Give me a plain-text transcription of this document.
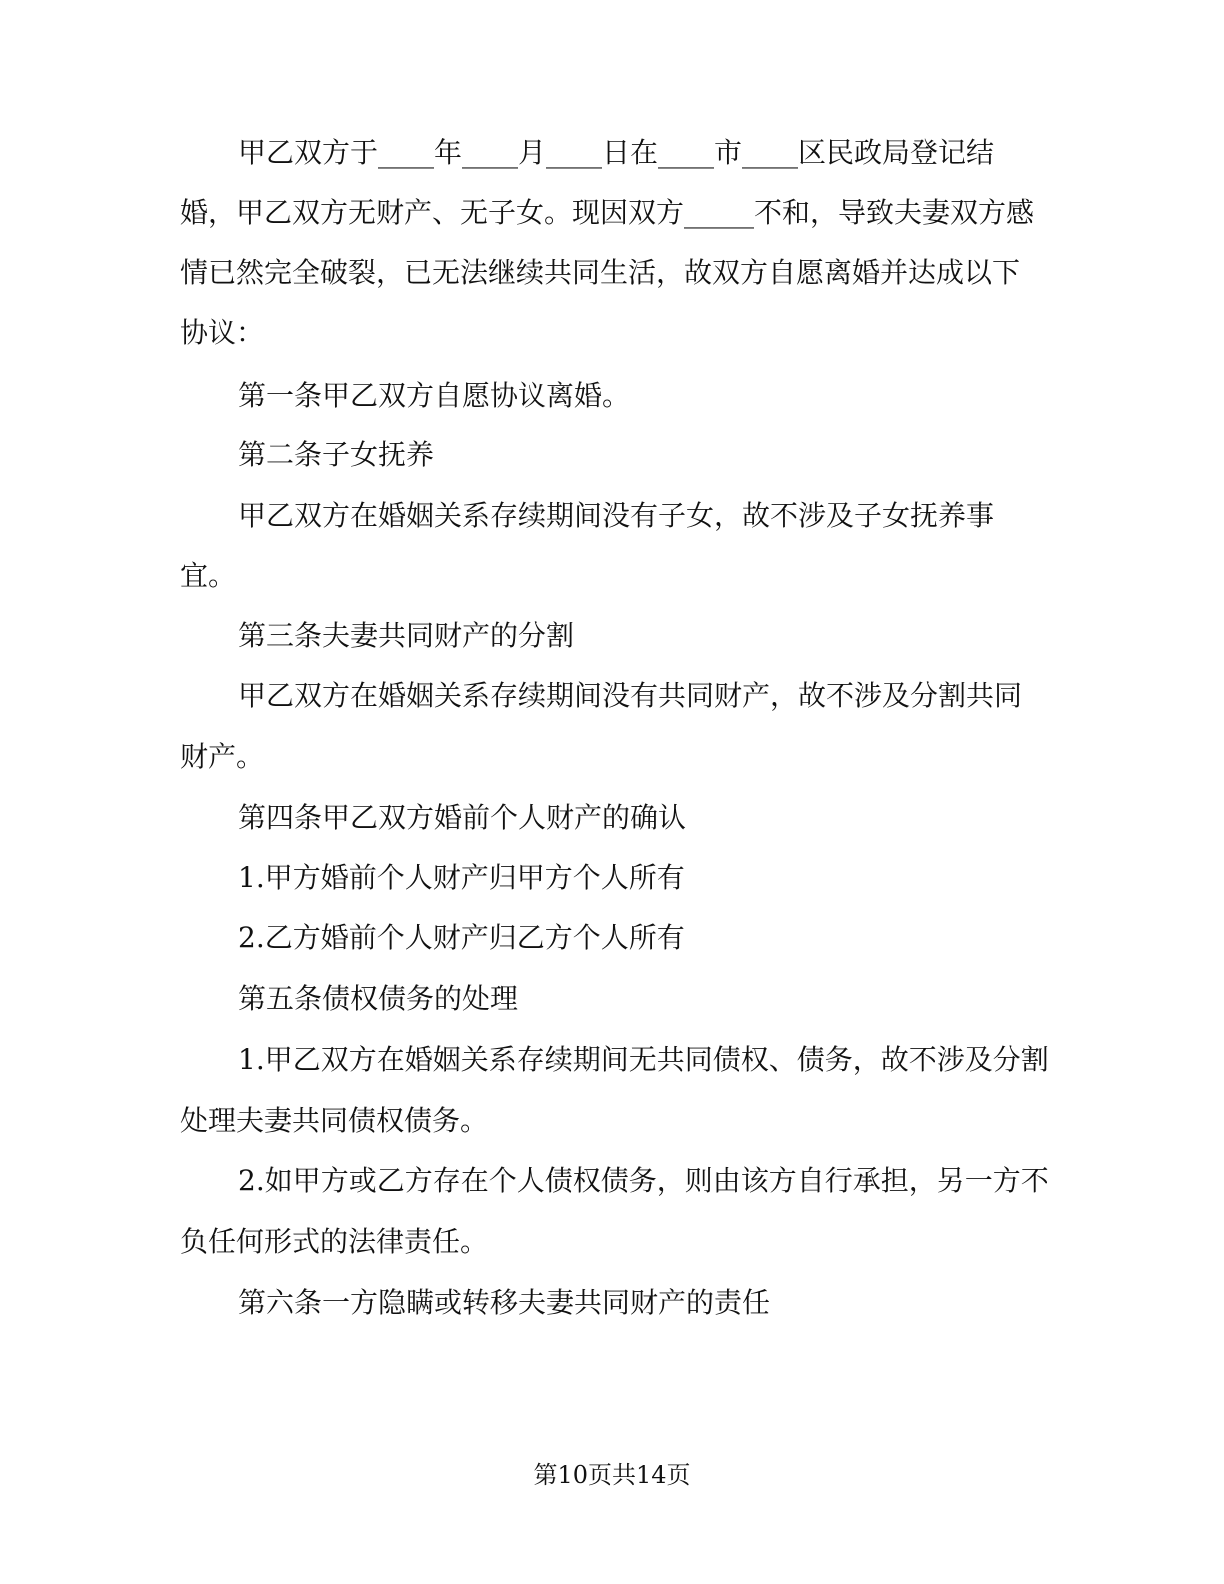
甲乙双方于____年____月____日在____市____区民政局登记结
婚，甲乙双方无财产、无子女。现因双方_____不和，导致夫妻双方感
情已然完全破裂，已无法继续共同生活，故双方自愿离婚并达成以下
协议：
第一条甲乙双方自愿协议离婚。
第二条子女抚养
甲乙双方在婚姻关系存续期间没有子女，故不涉及子女抚养事
宜。
第三条夫妻共同财产的分割
甲乙双方在婚姻关系存续期间没有共同财产，故不涉及分割共同
财产。
第四条甲乙双方婚前个人财产的确认
1.甲方婚前个人财产归甲方个人所有
2.乙方婚前个人财产归乙方个人所有
第五条债权债务的处理
1.甲乙双方在婚姻关系存续期间无共同债权、债务，故不涉及分割
处理夫妻共同债权债务。
2.如甲方或乙方存在个人债权债务，则由该方自行承担，另一方不
负任何形式的法律责任。
第六条一方隐瞒或转移夫妻共同财产的责任
第10页共14页
